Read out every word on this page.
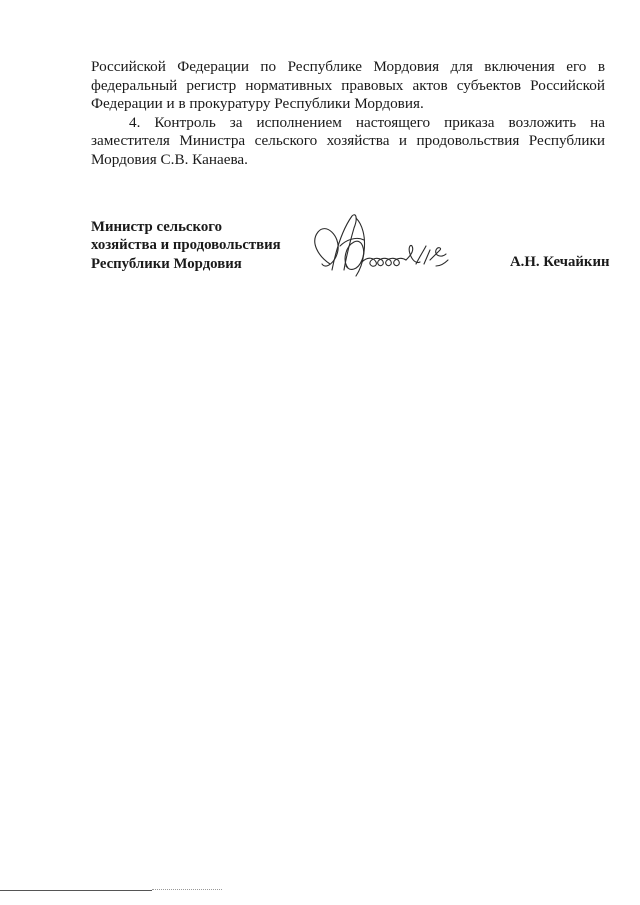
Российской Федерации по Республике Мордовия для включения его в федеральный регистр нормативных правовых актов субъектов Российской Федерации и в прокуратуру Республики Мордовия.

4. Контроль за исполнением настоящего приказа возложить на заместителя Министра сельского хозяйства и продовольствия Республики Мордовия С.В. Канаева.

Министр сельского
хозяйства и продовольствия
Республики Мордовия	А.Н. Кечайкин
